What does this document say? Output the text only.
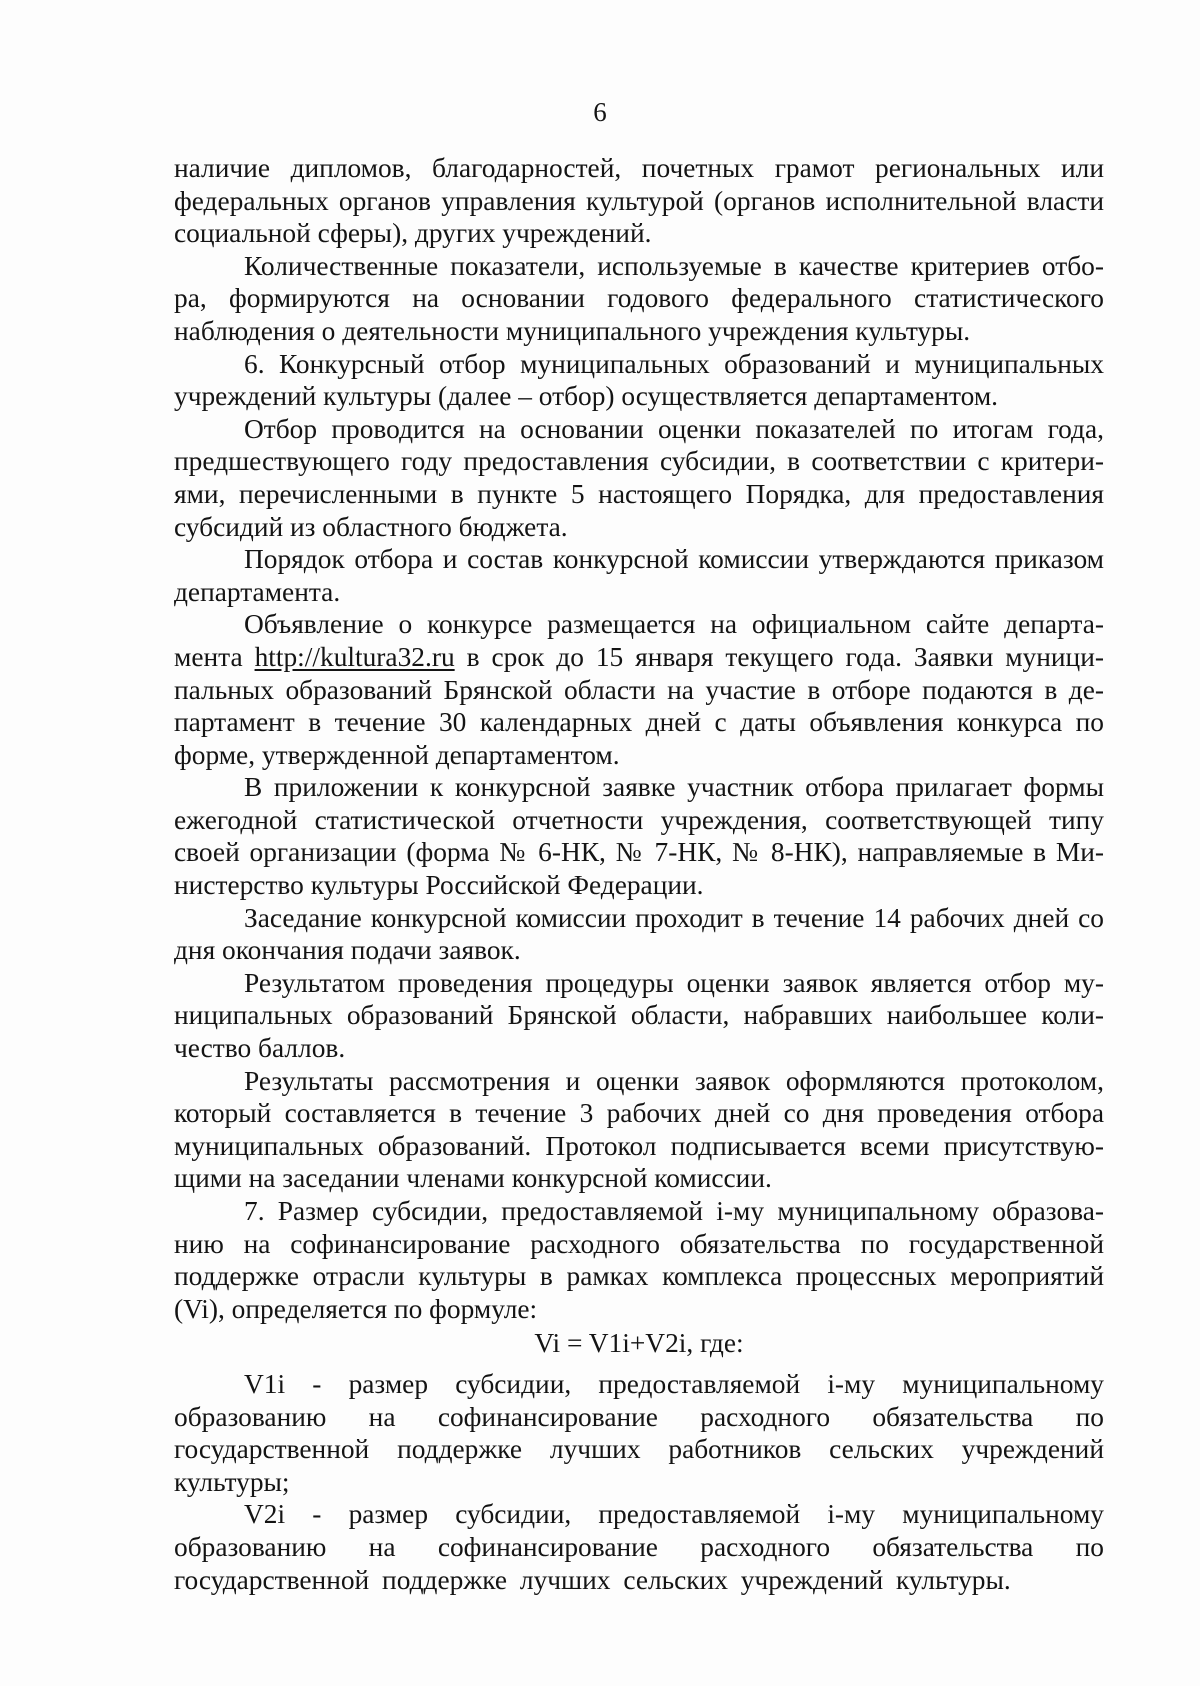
6

наличие дипломов, благодарностей, почетных грамот региональных или федеральных органов управления культурой (органов исполнительной власти социальной сферы), других учреждений.

Количественные показатели, используемые в качестве критериев отбо-ра, формируются на основании годового федерального статистического наблюдения о деятельности муниципального учреждения культуры.

6. Конкурсный отбор муниципальных образований и муниципальных учреждений культуры (далее – отбор) осуществляется департаментом.

Отбор проводится на основании оценки показателей по итогам года, предшествующего году предоставления субсидии, в соответствии с критери-ями, перечисленными в пункте 5 настоящего Порядка, для предоставления субсидий из областного бюджета.

Порядок отбора и состав конкурсной комиссии утверждаются приказом департамента.

Объявление о конкурсе размещается на официальном сайте департа-мента http://kultura32.ru в срок до 15 января текущего года. Заявки муници-пальных образований Брянской области на участие в отборе подаются в де-партамент в течение 30 календарных дней с даты объявления конкурса по форме, утвержденной департаментом.

В приложении к конкурсной заявке участник отбора прилагает формы ежегодной статистической отчетности учреждения, соответствующей типу своей организации (форма № 6-НК, № 7-НК, № 8-НК), направляемые в Ми-нистерство культуры Российской Федерации.

Заседание конкурсной комиссии проходит в течение 14 рабочих дней со дня окончания подачи заявок.

Результатом проведения процедуры оценки заявок является отбор му-ниципальных образований Брянской области, набравших наибольшее коли-чество баллов.

Результаты рассмотрения и оценки заявок оформляются протоколом, который составляется в течение 3 рабочих дней со дня проведения отбора муниципальных образований. Протокол подписывается всеми присутствую-щими на заседании членами конкурсной комиссии.

7. Размер субсидии, предоставляемой i-му муниципальному образова-нию на софинансирование расходного обязательства по государственной поддержке отрасли культуры в рамках комплекса процессных мероприятий (Vi), определяется по формуле:

Vi = V1i+V2i, где:

V1i - размер субсидии, предоставляемой i-му муниципальному образованию на софинансирование расходного обязательства по государственной поддержке лучших работников сельских учреждений культуры;

V2i - размер субсидии, предоставляемой i-му муниципальному образованию на софинансирование расходного обязательства по государственной поддержке лучших сельских учреждений культуры.
